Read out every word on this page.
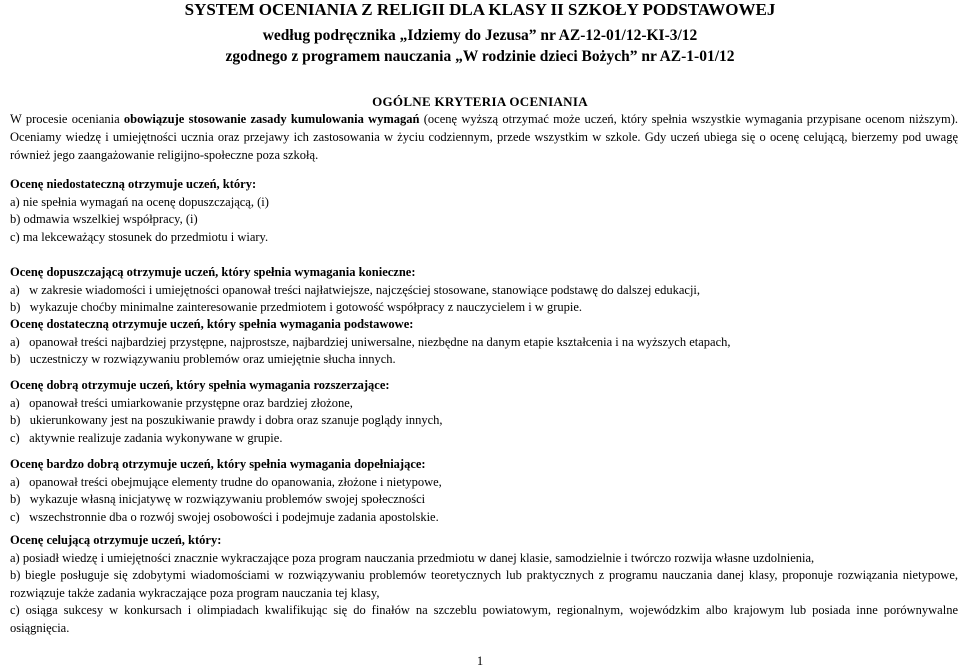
SYSTEM OCENIANIA Z RELIGII DLA KLASY II SZKOŁY PODSTAWOWEJ
według podręcznika „Idziemy do Jezusa” nr AZ-12-01/12-KI-3/12
zgodnego z programem nauczania „W rodzinie dzieci Bożych” nr AZ-1-01/12
OGÓLNE KRYTERIA OCENIANIA
W procesie oceniania obowiązuje stosowanie zasady kumulowania wymagań (ocenę wyższą otrzymać może uczeń, który spełnia wszystkie wymagania przypisane ocenom niższym). Oceniamy wiedzę i umiejętności ucznia oraz przejawy ich zastosowania w życiu codziennym, przede wszystkim w szkole. Gdy uczeń ubiega się o ocenę celującą, bierzemy pod uwagę również jego zaangażowanie religijno-społeczne poza szkołą.
Ocenę niedostateczną otrzymuje uczeń, który:
a) nie spełnia wymagań na ocenę dopuszczającą, (i)
b) odmawia wszelkiej współpracy, (i)
c) ma lekceważący stosunek do przedmiotu i wiary.
Ocenę dopuszczającą otrzymuje uczeń, który spełnia wymagania konieczne:
a)   w zakresie wiadomości i umiejętności opanował treści najłatwiejsze, najczęściej stosowane, stanowiące podstawę do dalszej edukacji,
b)   wykazuje choćby minimalne zainteresowanie przedmiotem i gotowość współpracy z nauczycielem i w grupie.
Ocenę dostateczną otrzymuje uczeń, który spełnia wymagania podstawowe:
a)   opanował treści najbardziej przystępne, najprostsze, najbardziej uniwersalne, niezbędne na danym etapie kształcenia i na wyższych etapach,
b)   uczestniczy w rozwiązywaniu problemów oraz umiejętnie słucha innych.
Ocenę dobrą otrzymuje uczeń, który spełnia wymagania rozszerzające:
a)   opanował treści umiarkowanie przystępne oraz bardziej złożone,
b)   ukierunkowany jest na poszukiwanie prawdy i dobra oraz szanuje poglądy innych,
c)   aktywnie realizuje zadania wykonywane w grupie.
Ocenę bardzo dobrą otrzymuje uczeń, który spełnia wymagania dopełniające:
a)   opanował treści obejmujące elementy trudne do opanowania, złożone i nietypowe,
b)   wykazuje własną inicjatywę w rozwiązywaniu problemów swojej społeczności
c)   wszechstronnie dba o rozwój swojej osobowości i podejmuje zadania apostolskie.
Ocenę celującą otrzymuje uczeń, który:
a) posiadł wiedzę i umiejętności znacznie wykraczające poza program nauczania przedmiotu w danej klasie, samodzielnie i twórczo rozwija własne uzdolnienia,
b) biegle posługuje się zdobytymi wiadomościami w rozwiązywaniu problemów teoretycznych lub praktycznych z programu nauczania danej klasy, proponuje rozwiązania nietypowe, rozwiązuje także zadania wykraczające poza program nauczania tej klasy,
c) osiąga sukcesy w konkursach i olimpiadach kwalifikując się do finałów na szczeblu powiatowym, regionalnym, wojewódzkim albo krajowym lub posiada inne porównywalne osiągnięcia.
1
